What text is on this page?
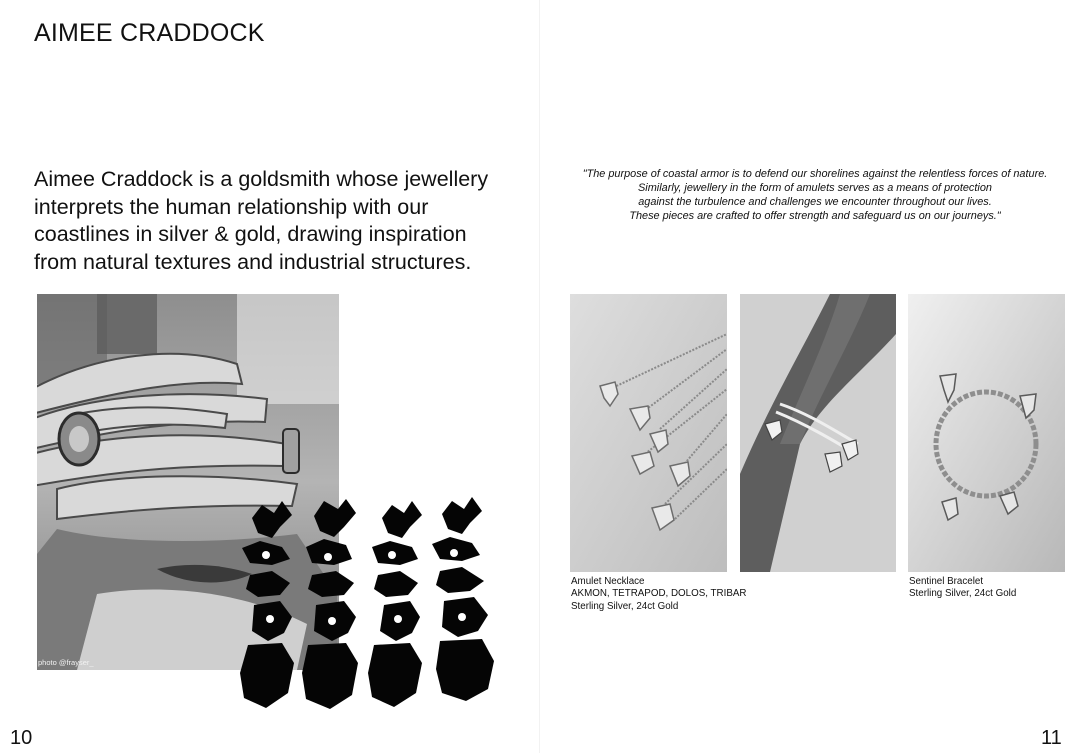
AIMEE CRADDOCK

Aimee Craddock is a goldsmith whose jewellery interprets the human relationship with our coastlines in silver & gold, drawing inspiration from natural textures and industrial structures.

photo @frayser_
"The purpose of coastal armor is to defend our shorelines against the relentless forces of nature.
Similarly, jewellery in the form of amulets serves as a means of protection
against the turbulence and challenges we encounter throughout our lives.
These pieces are crafted to offer strength and safeguard us on our journeys."
Amulet Necklace
AKMON, TETRAPOD, DOLOS, TRIBAR
Sterling Silver, 24ct Gold
Sentinel Bracelet
Sterling Silver, 24ct Gold
10	11
